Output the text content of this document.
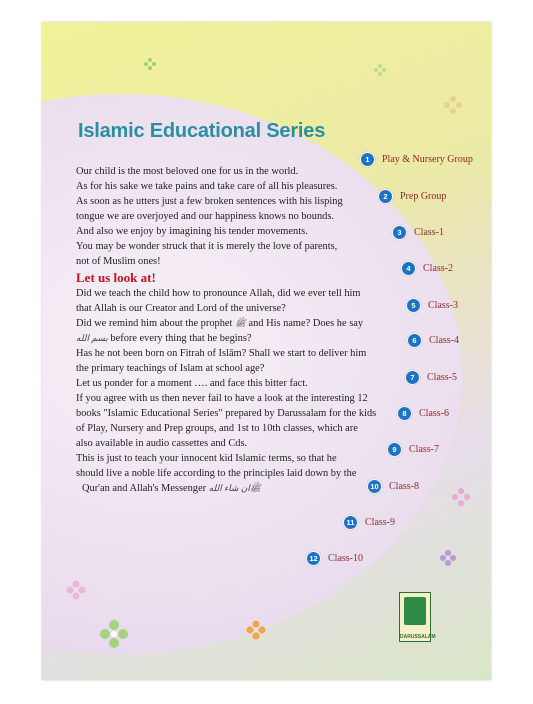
Islamic Educational Series

Our child is the most beloved one for us in the world.

As for his sake we take pains and take care of all his pleasures.

As soon as he utters just a few broken sentences with his lisping

tongue we are overjoyed and our happiness knows no bounds.

And also we enjoy by imagining his tender movements.

You may be wonder struck that it is merely the love of parents,

not of Muslim ones!

Let us look at!

Did we teach the child how to pronounce Allah, did we ever tell him

that Allah is our Creator and Lord of the universe?

Did we remind him about the prophet ﷺ and His name? Does he say

بسم الله before every thing that he begins?

Has he not been born on Fitrah of Islām? Shall we start to deliver him

the primary teachings of Islam at school age?

Let us ponder for a moment …. and face this bitter fact.

If you agree with us then never fail to have a look at the interesting 12

books "Islamic Educational Series" prepared by Darussalam for the kids

of Play, Nursery and Prep groups, and 1st to 10th classes, which are

also available in audio cassettes and Cds.

This is just to teach your innocent kid Islamic terms, so that he

should live a noble life according to the principles laid down by the

Qur'an and Allah's Messenger	ﷺان شاء الله

1	Play & Nursery Group
2	Prep Group
3	Class-1
4	Class-2
5	Class-3
6	Class-4
7	Class-5
8	Class-6
9	Class-7
10	Class-8
11	Class-9
12	Class-10
DARUSSALAM
